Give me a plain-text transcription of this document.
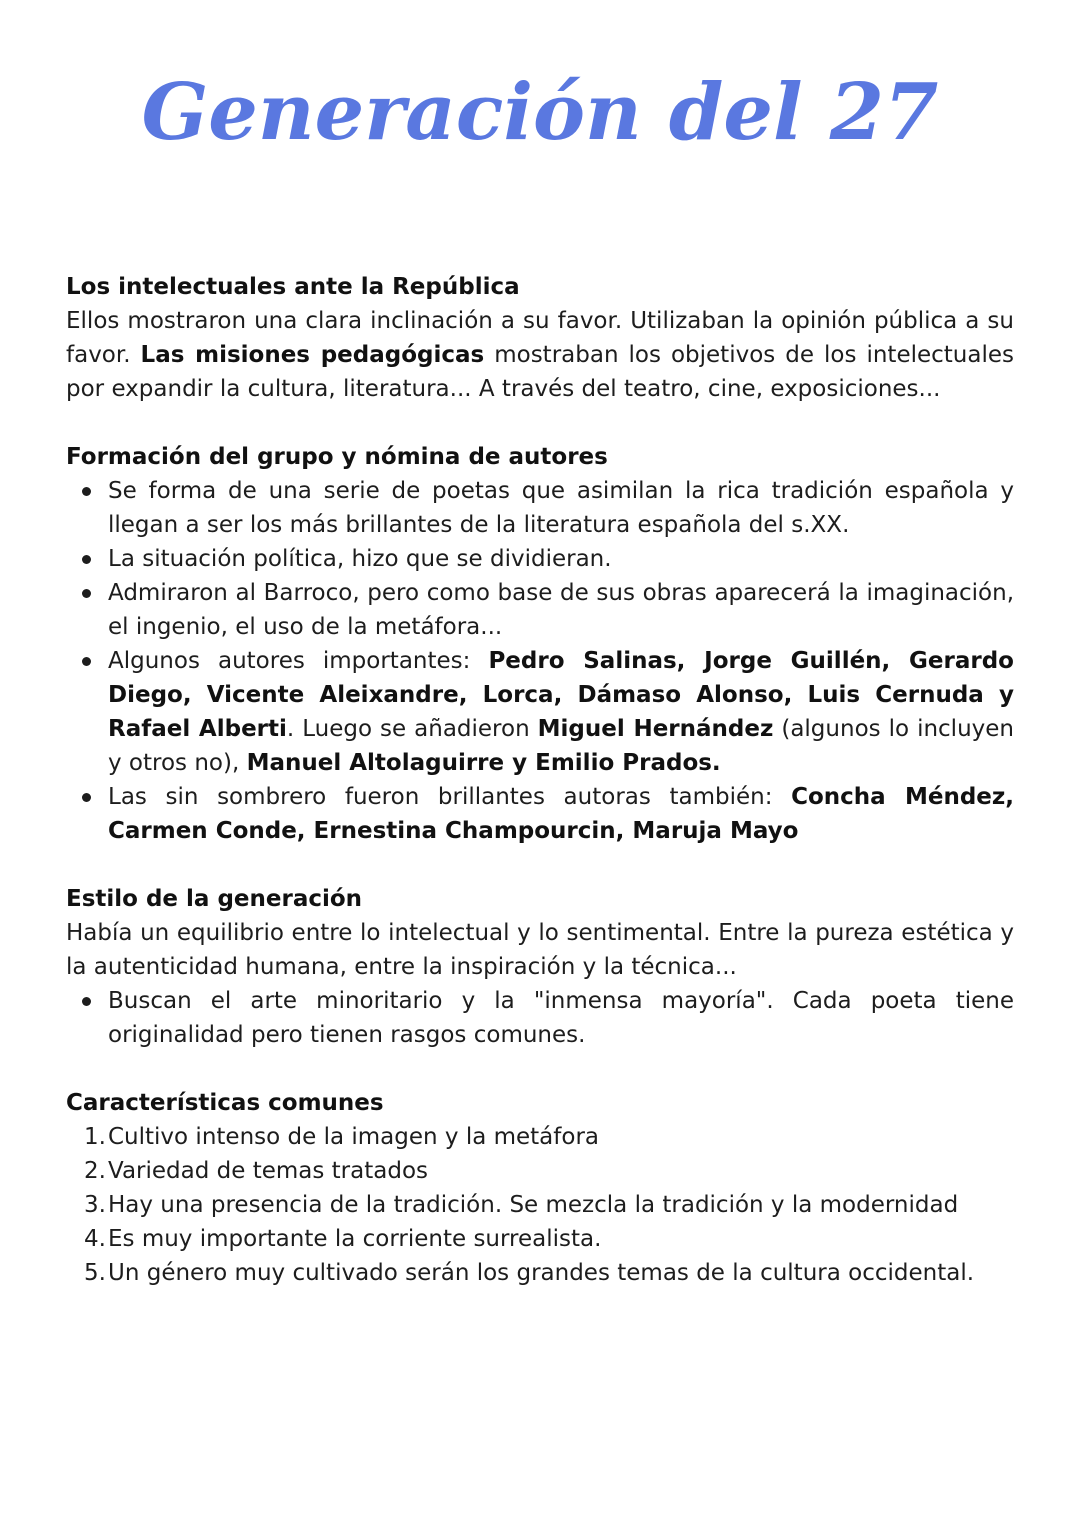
Generación del 27
Los intelectuales ante la República

Ellos mostraron una clara inclinación a su favor. Utilizaban la opinión pública a su favor. Las misiones pedagógicas mostraban los objetivos de los intelectuales por expandir la cultura, literatura... A través del teatro, cine, exposiciones...

Formación del grupo y nómina de autores
Se forma de una serie de poetas que asimilan la rica tradición española y llegan a ser los más brillantes de la literatura española del s.XX.
La situación política, hizo que se dividieran.
Admiraron al Barroco, pero como base de sus obras aparecerá la imaginación, el ingenio, el uso de la metáfora...
Algunos autores importantes: Pedro Salinas, Jorge Guillén, Gerardo Diego, Vicente Aleixandre, Lorca, Dámaso Alonso, Luis Cernuda y Rafael Alberti. Luego se añadieron Miguel Hernández (algunos lo incluyen y otros no), Manuel Altolaguirre y Emilio Prados.
Las sin sombrero fueron brillantes autoras también: Concha Méndez, Carmen Conde, Ernestina Champourcin, Maruja Mayo
Estilo de la generación

Había un equilibrio entre lo intelectual y lo sentimental. Entre la pureza estética y la autenticidad humana, entre la inspiración y la técnica...

Buscan el arte minoritario y la "inmensa mayoría". Cada poeta tiene originalidad pero tienen rasgos comunes.
Características comunes
1. Cultivo intenso de la imagen y la metáfora
2. Variedad de temas tratados
3. Hay una presencia de la tradición. Se mezcla la tradición y la modernidad
4. Es muy importante la corriente surrealista.
5. Un género muy cultivado serán los grandes temas de la cultura occidental.
